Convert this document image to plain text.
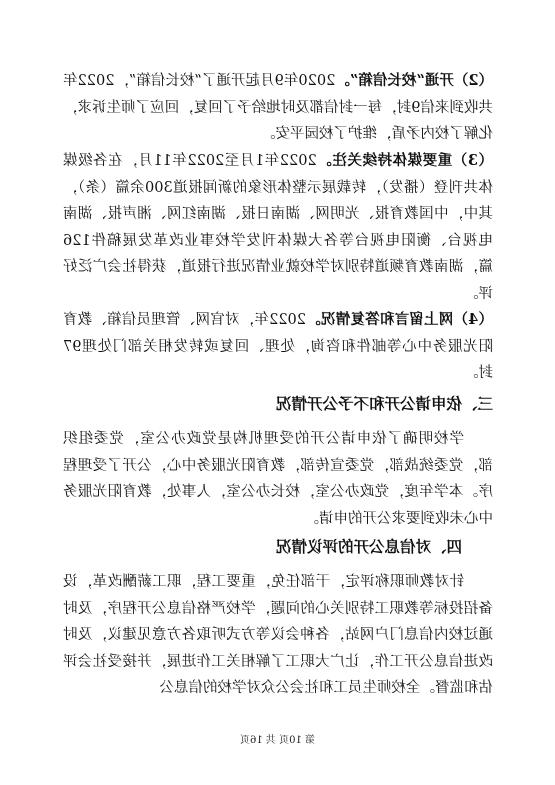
（2）开通“校长信箱”。2020年9月起开通了“校长信箱”，2022年共收到来信9封，每一封信都及时地给予了回复，回应了师生诉求，化解了校内矛盾，维护了校园平安。
（3）重要媒体持续关注。2022年1月至2022年11月，在各级媒体共刊登（播发），转载展示整体形象的新闻报道300余篇（条），其中，中国教育报、光明网、湖南日报、湖南红网、湘声报、湖南电视台、衡阳电视台等各大媒体刊发学校事业改革发展稿件126篇，湖南教育频道特别对学校就业情况进行报道，获得社会广泛好评。
（4）网上留言和答复情况。2022年，对官网、管理员信箱、教育阳光服务中心等邮件和咨询，处理、回复或转发相关部门处理97封。
三、依申请公开和不予公开情况
学校明确了依申请公开的受理机构是党政办公室，党委组织部，党委统战部，党委宣传部，教育阳光服务中心，公开了受理程序。本学年度，党政办公室，校长办公室，人事处，教育阳光服务中心未收到要求公开的申请。
四、对信息公开的评议情况
针对教师职称评定，干部任免，重要工程，职工薪酬改革，设备招投标等教职工特别关心的问题，学校严格信息公开程序，及时通过校内信息门户网站，各种会议等方式听取各方意见建议，及时改进信息公开工作，让广大职工了解相关工作进展，并接受社会评估和监督。全校师生员工和社会公众对学校的信息公
第 10页 共 16页
